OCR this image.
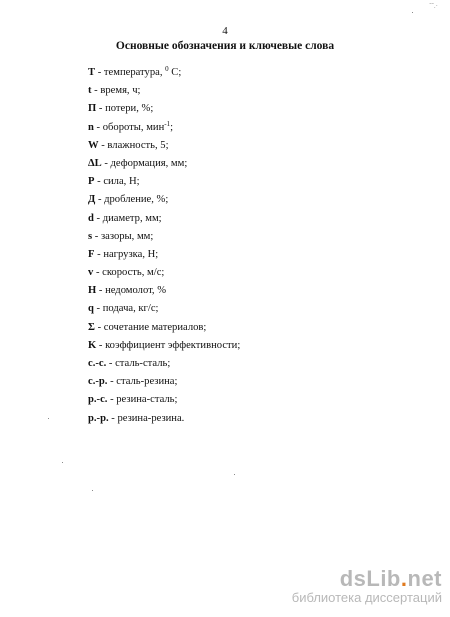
˜˜.·
4
Основные обозначения и ключевые слова
T - температура, $^0$ С;
t - время, ч;
П - потери, %;
n - обороты, мин$^{-1}$;
W - влажность, 5;
ΔL - деформация, мм;
P - сила, Н;
Д - дробление, %;
d - диаметр, мм;
s - зазоры, мм;
F - нагрузка, Н;
v - скорость, м/с;
Н - недомолот, %
q - подача, кг/с;
Σ - сочетание материалов;
K - коэффициент эффективности;
с.-с. - сталь-сталь;
с.-р. - сталь-резина;
р.-с. - резина-сталь;
р.-р. - резина-резина.
dsLib.net
библиотека диссертаций
